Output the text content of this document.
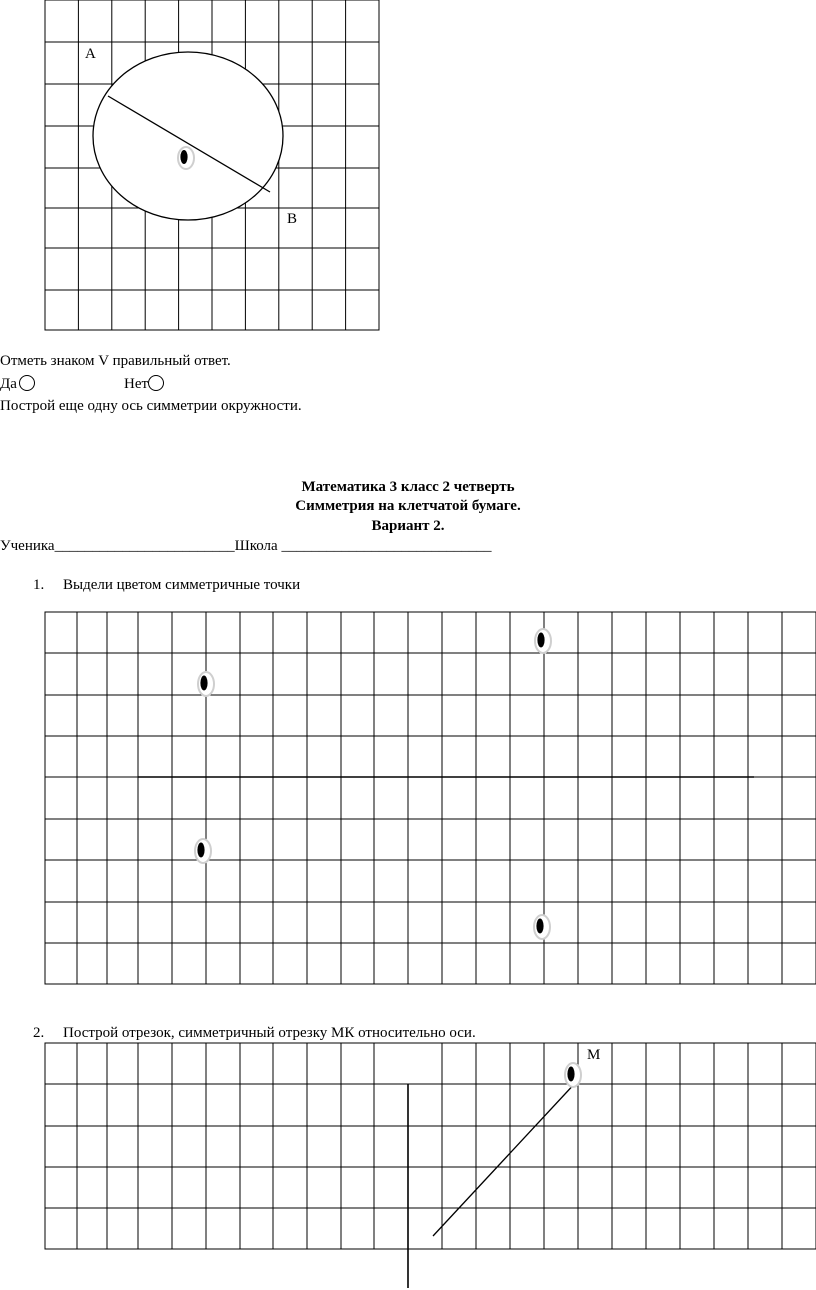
А
В
Отметь знаком V правильный ответ.
Да	Нет
Построй еще одну ось симметрии окружности.
Математика 3 класс 2 четверть
Симметрия на клетчатой бумаге.
Вариант 2.
Ученика________________________Школа ____________________________
1. Выдели цветом симметричные точки
2. Построй отрезок, симметричный отрезку МК относительно оси.
М
